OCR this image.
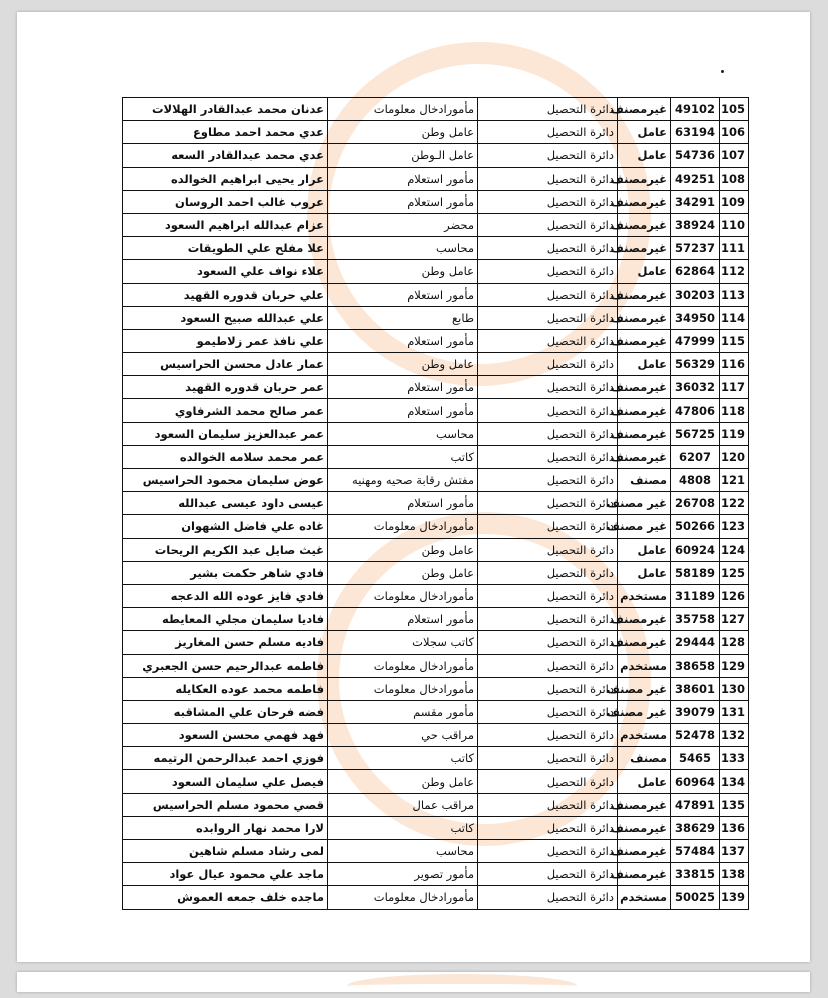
105	49102	غيرمصنف	دائرة التحصيل	مأمورادخال معلومات	عدنان محمد عبدالقادر الهلالات
106	63194	عامل	دائرة التحصيل	عامل وطن	عدي محمد احمد مطاوع
107	54736	عامل	دائرة التحصيل	عامل الـوطن	عدي محمد عبدالقادر السعه
108	49251	غيرمصنف	دائرة التحصيل	مأمور استعلام	عرار يحيى ابراهيم الخوالده
109	34291	غيرمصنف	دائرة التحصيل	مأمور استعلام	عروب غالب احمد الروسان
110	38924	غيرمصنف	دائرة التحصيل	محضر	عزام عبدالله ابراهيم السعود
111	57237	غيرمصنف	دائرة التحصيل	محاسب	علا مفلح علي الطويقات
112	62864	عامل	دائرة التحصيل	عامل وطن	علاء نواف علي السعود
113	30203	غيرمصنف	دائرة التحصيل	مأمور استعلام	علي حربان قدوره القهيد
114	34950	غيرمصنف	دائرة التحصيل	طابع	علي عبدالله صبيح السعود
115	47999	غيرمصنف	دائرة التحصيل	مأمور استعلام	علي نافذ عمر زلاطيمو
116	56329	عامل	دائرة التحصيل	عامل وطن	عمار عادل محسن الحراسيس
117	36032	غيرمصنف	دائرة التحصيل	مأمور استعلام	عمر حربان قدوره القهيد
118	47806	غيرمصنف	دائرة التحصيل	مأمور استعلام	عمر صالح محمد الشرفاوي
119	56725	غيرمصنف	دائرة التحصيل	محاسب	عمر عبدالعزيز سليمان السعود
120	6207	غيرمصنف	دائرة التحصيل	كاتب	عمر محمد سلامه الخوالده
121	4808	مصنف	دائرة التحصيل	مفتش رقابة صحيه ومهنيه	عوض سليمان محمود الحراسيس
122	26708	غير مصنف	دائرة التحصيل	مأمور استعلام	عيسى داود عيسى عبدالله
123	50266	غير مصنف	دائرة التحصيل	مأمورادخال معلومات	غاده علي فاضل الشهوان
124	60924	عامل	دائرة التحصيل	عامل وطن	غيث صايل عبد الكريم الريحات
125	58189	عامل	دائرة التحصيل	عامل وطن	فادي شاهر حكمت بشير
126	31189	مستخدم	دائرة التحصيل	مأمورادخال معلومات	فادي فايز عوده الله الدعجه
127	35758	غيرمصنف	دائرة التحصيل	مأمور استعلام	فاديا سليمان مجلي المعايطه
128	29444	غيرمصنف	دائرة التحصيل	كاتب سجلات	فاديه مسلم حسن المغاريز
129	38658	مستخدم	دائرة التحصيل	مأمورادخال معلومات	فاطمه عبدالرحيم حسن الجعبري
130	38601	غير مصنف	دائرة التحصيل	مأمورادخال معلومات	فاطمه محمد عوده العكايله
131	39079	غير مصنف	دائرة التحصيل	مأمور مقسم	فضه فرحان علي المشاقبه
132	52478	مستخدم	دائرة التحصيل	مراقب حي	فهد فهمي محسن السعود
133	5465	مصنف	دائرة التحصيل	كاتب	فوزي احمد عبدالرحمن الرتيمه
134	60964	عامل	دائرة التحصيل	عامل وطن	فيصل علي سليمان السعود
135	47891	غيرمصنف	دائرة التحصيل	مراقب عمال	قصي محمود مسلم الحراسيس
136	38629	غيرمصنف	دائرة التحصيل	كاتب	لارا محمد نهار الروابده
137	57484	غيرمصنف	دائرة التحصيل	محاسب	لمى رشاد مسلم شاهين
138	33815	غيرمصنف	دائرة التحصيل	مأمور تصوير	ماجد علي محمود عيال عواد
139	50025	مستخدم	دائرة التحصيل	مأمورادخال معلومات	ماجده خلف جمعه العموش
